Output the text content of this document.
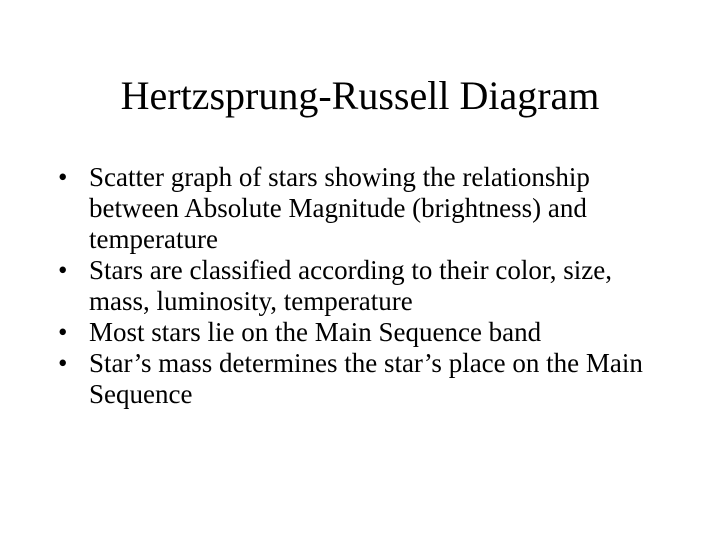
Hertzsprung-Russell Diagram
• Scatter graph of stars showing the relationship between Absolute Magnitude (brightness) and temperature
• Stars are classified according to their color, size, mass, luminosity, temperature
• Most stars lie on the Main Sequence band
• Star’s mass determines the star’s place on the Main Sequence
